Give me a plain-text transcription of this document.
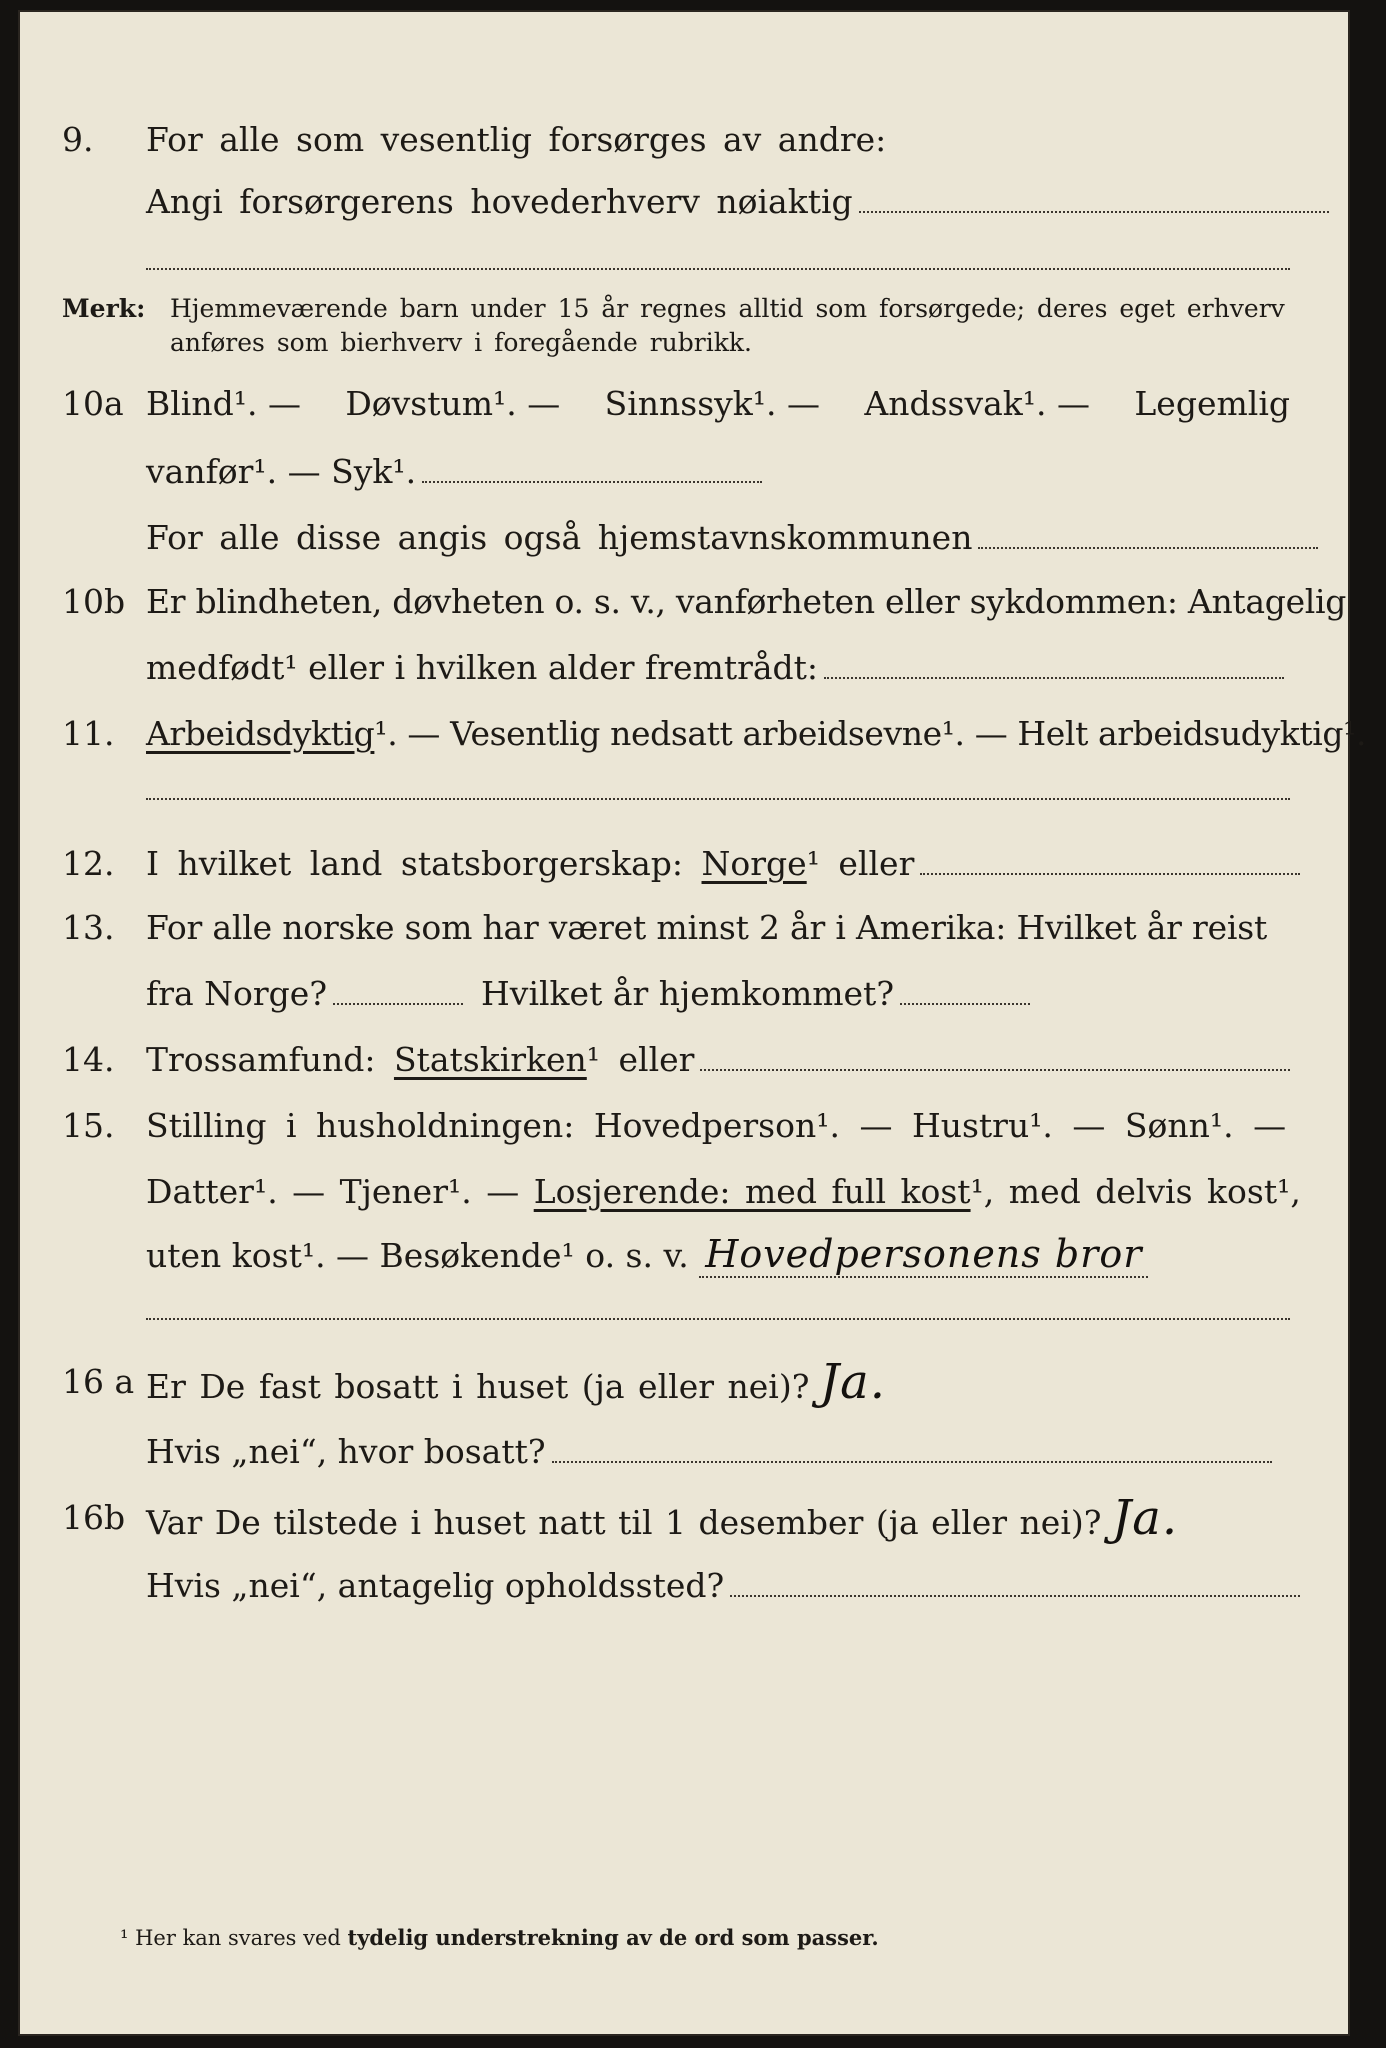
9. For alle som vesentlig forsørges av andre:
Angi forsørgerens hovederhverv nøiaktig
Merk: Hjemmeværende barn under 15 år regnes alltid som forsørgede; deres eget erhverv anføres som bierhverv i foregående rubrikk.
10a Blind¹. — Døvstum¹. — Sinnssyk¹. — Andssvak¹. — Legemlig
vanfør¹. — Syk¹.
For alle disse angis også hjemstavnskommunen
10b Er blindheten, døvheten o. s. v., vanførheten eller sykdommen: Antagelig
medfødt¹ eller i hvilken alder fremtrådt:
11. Arbeidsdyktig¹. — Vesentlig nedsatt arbeidsevne¹. — Helt arbeidsudyktig¹.
12. I hvilket land statsborgerskap: Norge¹ eller
13. For alle norske som har været minst 2 år i Amerika: Hvilket år reist
fra Norge?	Hvilket år hjemkommet?
14. Trossamfund: Statskirken¹ eller
15. Stilling i husholdningen: Hovedperson¹. — Hustru¹. — Sønn¹. —
Datter¹. — Tjener¹. — Losjerende: med full kost¹, med delvis kost¹,
uten kost¹. — Besøkende¹ o. s. v. Hovedpersonens bror
16 a Er De fast bosatt i huset (ja eller nei)? Ja.
Hvis „nei“, hvor bosatt?
16b Var De tilstede i huset natt til 1 desember (ja eller nei)? Ja.
Hvis „nei“, antagelig opholdssted?
¹ Her kan svares ved tydelig understrekning av de ord som passer.
